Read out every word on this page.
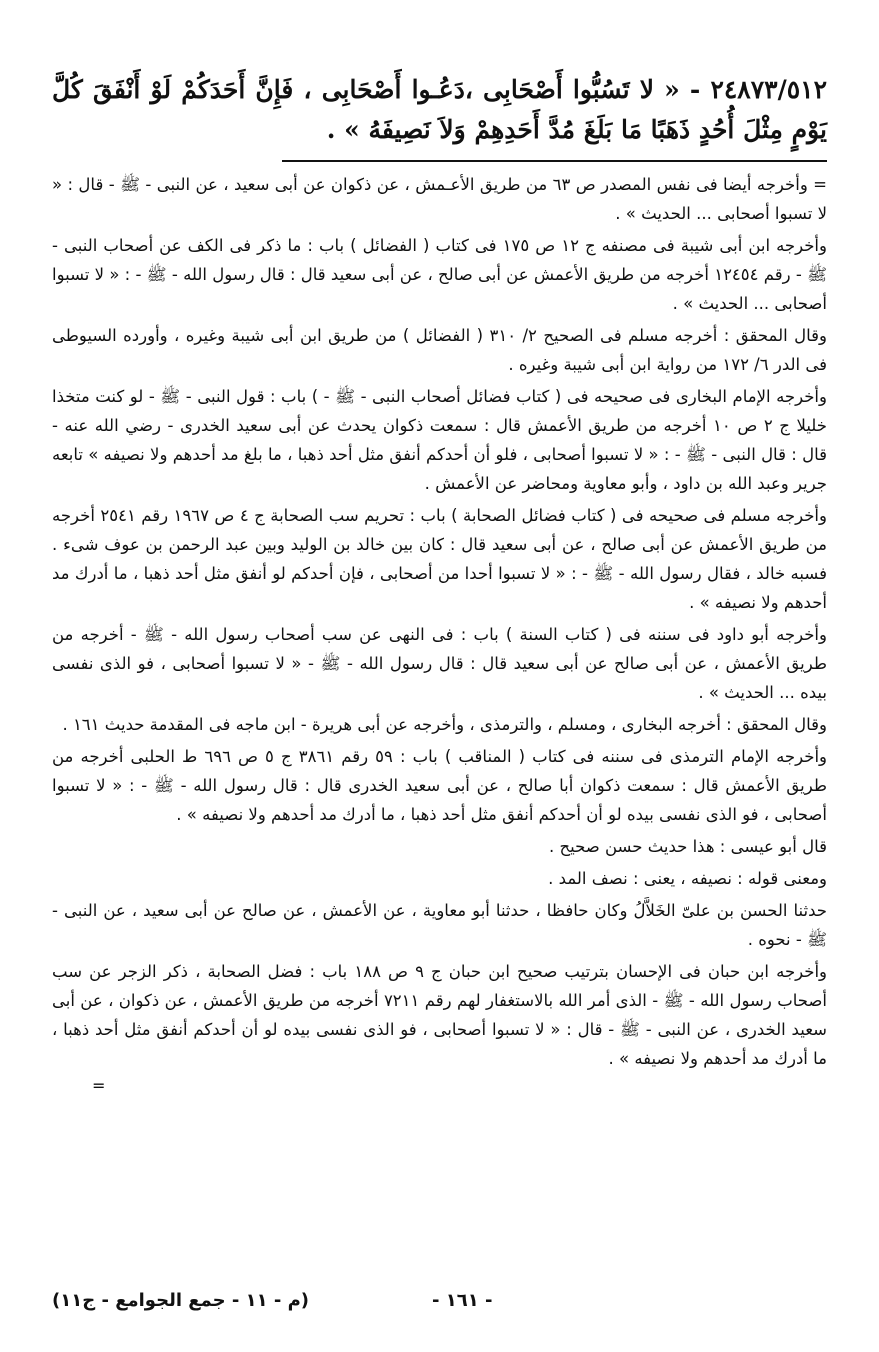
٢٤٨٧٣/٥١٢ - « لا تَسُبُّوا أَصْحَابِى ،دَعُـوا أَصْحَابِى ، فَإِنَّ أَحَدَكُمْ لَوْ أَنْفَقَ كُلَّ يَوْمٍ مِثْلَ أُحُدٍ ذَهَبًا مَا بَلَغَ مُدَّ أَحَدِهِمْ وَلاَ نَصِيفَهُ » .

= وأخرجه أيضا فى نفس المصدر ص ٦٣ من طريق الأعـمش ، عن ذكوان عن أبى سعيد ، عن النبى - ﷺ - قال : « لا تسبوا أصحابى ... الحديث » .

وأخرجه ابن أبى شيبة فى مصنفه ج ١٢ ص ١٧٥ فى كتاب ( الفضائل ) باب : ما ذكر فى الكف عن أصحاب النبى - ﷺ - رقم ١٢٤٥٤ أخرجه من طريق الأعمش عن أبى صالح ، عن أبى سعيد قال : قال رسول الله - ﷺ - : « لا تسبوا أصحابى ... الحديث » .

وقال المحقق : أخرجه مسلم فى الصحيح ٢/ ٣١٠ ( الفضائل ) من طريق ابن أبى شيبة وغيره ، وأورده السيوطى فى الدر ٦/ ١٧٢ من رواية ابن أبى شيبة وغيره .

وأخرجه الإمام البخارى فى صحيحه فى ( كتاب فضائل أصحاب النبى - ﷺ - ) باب : قول النبى - ﷺ - لو كنت متخذا خليلا ج ٢ ص ١٠ أخرجه من طريق الأعمش قال : سمعت ذكوان يحدث عن أبى سعيد الخدرى - رضي الله عنه - قال : قال النبى - ﷺ - : « لا تسبوا أصحابى ، فلو أن أحدكم أنفق مثل أحد ذهبا ، ما بلغ مد أحدهم ولا نصيفه » تابعه جرير وعبد الله بن داود ، وأبو معاوية ومحاضر عن الأعمش .

وأخرجه مسلم فى صحيحه فى ( كتاب فضائل الصحابة ) باب : تحريم سب الصحابة ج ٤ ص ١٩٦٧ رقم ٢٥٤١ أخرجه من طريق الأعمش عن أبى صالح ، عن أبى سعيد قال : كان بين خالد بن الوليد وبين عبد الرحمن بن عوف شىء . فسبه خالد ، فقال رسول الله - ﷺ - : « لا تسبوا أحدا من أصحابى ، فإن أحدكم لو أنفق مثل أحد ذهبا ، ما أدرك مد أحدهم ولا نصيفه » .

وأخرجه أبو داود فى سننه فى ( كتاب السنة ) باب : فى النهى عن سب أصحاب رسول الله - ﷺ - أخرجه من طريق الأعمش ، عن أبى صالح عن أبى سعيد قال : قال رسول الله - ﷺ - « لا تسبوا أصحابى ، فو الذى نفسى بيده ... الحديث » .

وقال المحقق : أخرجه البخارى ، ومسلم ، والترمذى ، وأخرجه عن أبى هريرة - ابن ماجه فى المقدمة حديث ١٦١ .

وأخرجه الإمام الترمذى فى سننه فى كتاب ( المناقب ) باب : ٥٩ رقم ٣٨٦١ ج ٥ ص ٦٩٦ ط الحلبى أخرجه من طريق الأعمش قال : سمعت ذكوان أبا صالح ، عن أبى سعيد الخدرى قال : قال رسول الله - ﷺ - : « لا تسبوا أصحابى ، فو الذى نفسى بيده لو أن أحدكم أنفق مثل أحد ذهبا ، ما أدرك مد أحدهم ولا نصيفه » .

قال أبو عيسى : هذا حديث حسن صحيح .

ومعنى قوله : نصيفه ، يعنى : نصف المد .

حدثنا الحسن بن علىّ الخَلاَّلُ وكان حافظا ، حدثنا أبو معاوية ، عن الأعمش ، عن صالح عن أبى سعيد ، عن النبى - ﷺ - نحوه .

وأخرجه ابن حبان فى الإحسان بترتيب صحيح ابن حبان ج ٩ ص ١٨٨ باب : فضل الصحابة ، ذكر الزجر عن سب أصحاب رسول الله - ﷺ - الذى أمر الله بالاستغفار لهم رقم ٧٢١١ أخرجه من طريق الأعمش ، عن ذكوان ، عن أبى سعيد الخدرى ، عن النبى - ﷺ - قال : « لا تسبوا أصحابى ، فو الذى نفسى بيده لو أن أحدكم أنفق مثل أحد ذهبا ، ما أدرك مد أحدهم ولا نصيفه » .

=
(م - ١١ - جمع الجوامع - ج١١)	- ١٦١ -
